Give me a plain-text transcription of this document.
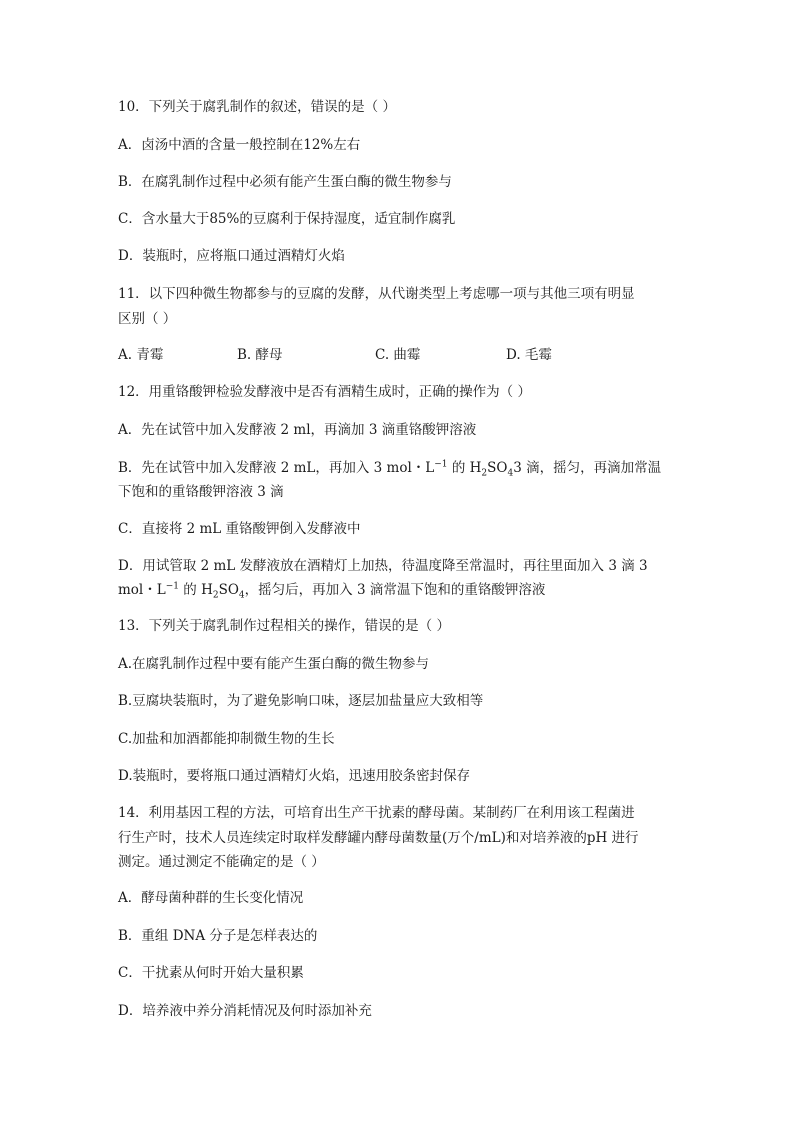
10．下列关于腐乳制作的叙述，错误的是（ ）
A．卤汤中酒的含量一般控制在12%左右
B．在腐乳制作过程中必须有能产生蛋白酶的微生物参与
C．含水量大于85%的豆腐利于保持湿度，适宜制作腐乳
D．装瓶时，应将瓶口通过酒精灯火焰
11．以下四种微生物都参与的豆腐的发酵，从代谢类型上考虑哪一项与其他三项有明显
区别（ ）
A. 青霉	B. 酵母	C. 曲霉	D. 毛霉
12．用重铬酸钾检验发酵液中是否有酒精生成时，正确的操作为（ ）
A．先在试管中加入发酵液 2 ml，再滴加 3 滴重铬酸钾溶液
B．先在试管中加入发酵液 2 mL，再加入 3 mol・$L^{-1}$ 的 $H_2SO_43$ 滴，摇匀，再滴加常温
下饱和的重铬酸钾溶液 3 滴
C．直接将 2 mL 重铬酸钾倒入发酵液中
D．用试管取 2 mL 发酵液放在酒精灯上加热，待温度降至常温时，再往里面加入 3 滴 3
mol・$L^{-1}$ 的 $H_2SO_4$，摇匀后，再加入 3 滴常温下饱和的重铬酸钾溶液
13．下列关于腐乳制作过程相关的操作，错误的是（ ）
A.在腐乳制作过程中要有能产生蛋白酶的微生物参与
B.豆腐块装瓶时，为了避免影响口味，逐层加盐量应大致相等
C.加盐和加酒都能抑制微生物的生长
D.装瓶时，要将瓶口通过酒精灯火焰，迅速用胶条密封保存
14．利用基因工程的方法，可培育出生产干扰素的酵母菌。某制药厂在利用该工程菌进
行生产时，技术人员连续定时取样发酵罐内酵母菌数量(万个/mL)和对培养液的pH 进行
测定。通过测定不能确定的是（ ）
A．酵母菌种群的生长变化情况
B．重组 DNA 分子是怎样表达的
C．干扰素从何时开始大量积累
D．培养液中养分消耗情况及何时添加补充
